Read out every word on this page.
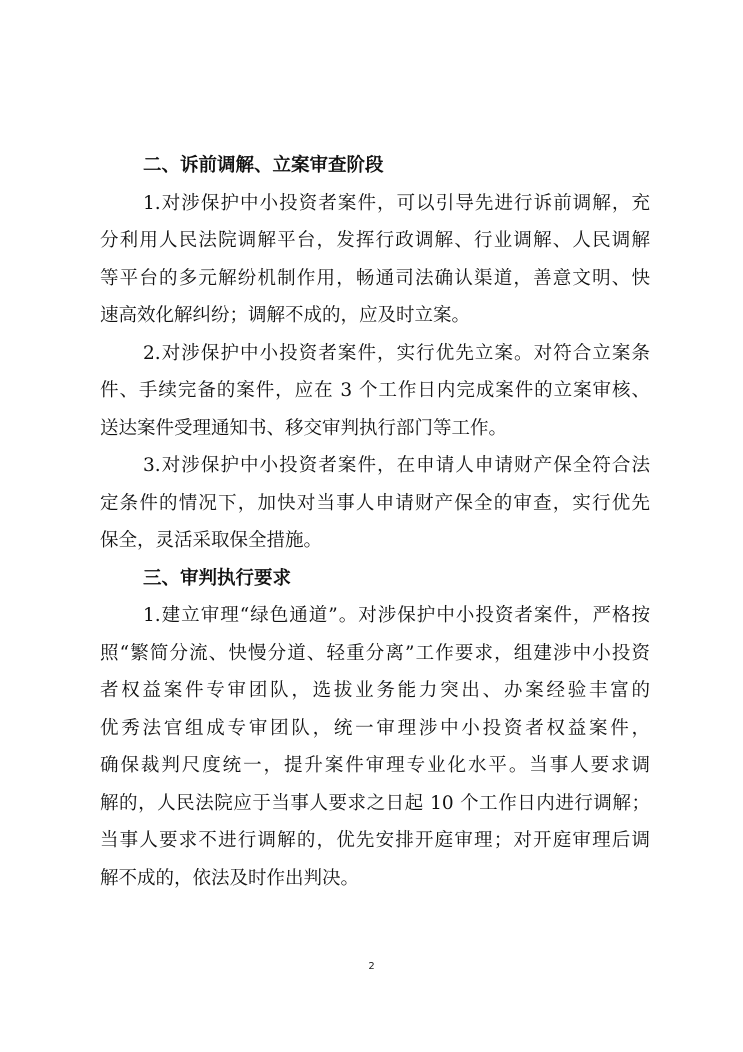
二、诉前调解、立案审查阶段
1.对涉保护中小投资者案件，可以引导先进行诉前调解，充
分利用人民法院调解平台，发挥行政调解、行业调解、人民调解
等平台的多元解纷机制作用，畅通司法确认渠道，善意文明、快
速高效化解纠纷；调解不成的，应及时立案。
2.对涉保护中小投资者案件，实行优先立案。对符合立案条
件、手续完备的案件，应在 3 个工作日内完成案件的立案审核、
送达案件受理通知书、移交审判执行部门等工作。
3.对涉保护中小投资者案件，在申请人申请财产保全符合法
定条件的情况下，加快对当事人申请财产保全的审查，实行优先
保全，灵活采取保全措施。
三、审判执行要求
1.建立审理“绿色通道”。对涉保护中小投资者案件，严格按
照“繁简分流、快慢分道、轻重分离”工作要求，组建涉中小投资
者权益案件专审团队，选拔业务能力突出、办案经验丰富的
优秀法官组成专审团队，统一审理涉中小投资者权益案件，
确保裁判尺度统一，提升案件审理专业化水平。当事人要求调
解的，人民法院应于当事人要求之日起 10 个工作日内进行调解；
当事人要求不进行调解的，优先安排开庭审理；对开庭审理后调
解不成的，依法及时作出判决。
2
